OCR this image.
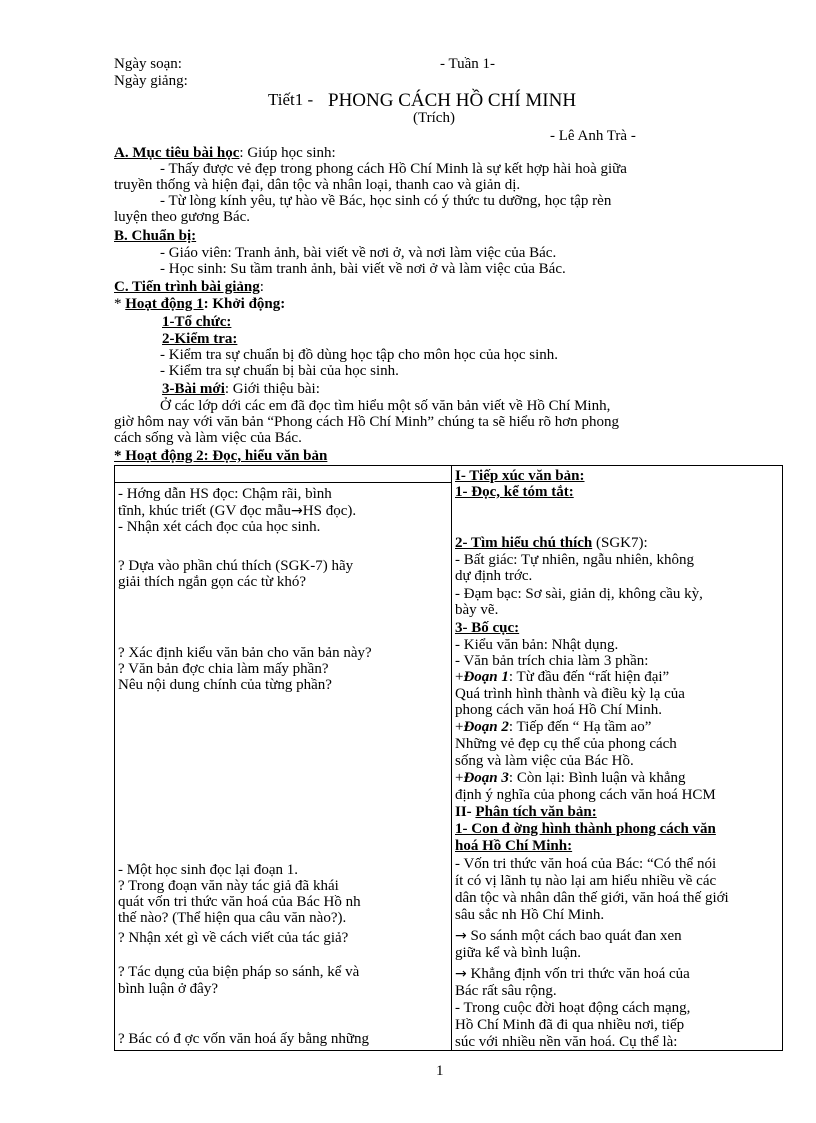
Ngày soạn:	- Tuần 1-
Ngày giảng:
Tiết1 - PHONG CÁCH HỒ CHÍ MINH
(Trích)
- Lê Anh Trà -
A. Mục tiêu bài học: Giúp học sinh:
- Thấy được vẻ đẹp trong phong cách Hồ Chí Minh là sự kết hợp hài hoà giữa
truyền thống và hiện đại, dân tộc và nhân loại, thanh cao và giản dị.
- Từ lòng kính yêu, tự hào về Bác, học sinh có ý thức tu dưỡng, học tập rèn
luyện theo gương Bác.
B. Chuẩn bị:
- Giáo viên: Tranh ảnh, bài viết về nơi ở, và nơi làm việc của Bác.
- Học sinh: Su tầm tranh ảnh, bài viết về nơi ở và làm việc của Bác.
C. Tiến trình bài giảng:
* Hoạt động 1: Khởi động:
1-Tổ chức:
2-Kiểm tra:
- Kiểm tra sự chuẩn bị đồ dùng học tập cho môn học của học sinh.
- Kiểm tra sự chuẩn bị bài của học sinh.
3-Bài mới: Giới thiệu bài:
Ở các lớp dới các em đã đọc tìm hiểu một số văn bản viết về Hồ Chí Minh,
giờ hôm nay với văn bản “Phong cách Hồ Chí Minh” chúng ta sẽ hiểu rõ hơn phong
cách sống và làm việc của Bác.
* Hoạt động 2: Đọc, hiểu văn bản
- Hớng dẫn HS đọc: Chậm rãi, bình
tĩnh, khúc triết (GV đọc mẫu→HS đọc).
- Nhận xét cách đọc của học sinh.
? Dựa vào phần chú thích (SGK-7) hãy
giải thích ngắn gọn các từ khó?
? Xác định kiểu văn bản cho văn bản này?
? Văn bản đợc chia làm mấy phần?
Nêu nội dung chính của từng phần?
- Một học sinh đọc lại đoạn 1.
? Trong đoạn văn này tác giả đã khái
quát vốn tri thức văn hoá của Bác Hồ nh
thế nào? (Thể hiện qua câu văn nào?).
? Nhận xét gì về cách viết của tác giả?
? Tác dụng của biện pháp so sánh, kể và
bình luận ở đây?
? Bác có đ ợc vốn văn hoá ấy bằng những
I- Tiếp xúc văn bản:
1- Đọc, kể tóm tắt:
2- Tìm hiểu chú thích (SGK7):
- Bất giác: Tự nhiên, ngẫu nhiên, không
dự định trớc.
- Đạm bạc: Sơ sài, giản dị, không cầu kỳ,
bày vẽ.
3- Bố cục:
- Kiểu văn bản: Nhật dụng.
- Văn bản trích chia làm 3 phần:
+Đoạn 1: Từ đầu đến “rất hiện đại”
Quá trình hình thành và điều kỳ lạ của
phong cách văn hoá Hồ Chí Minh.
+Đoạn 2: Tiếp đến “ Hạ tầm ao”
Những vẻ đẹp cụ thể của phong cách
sống và làm việc của Bác Hồ.
+Đoạn 3: Còn lại: Bình luận và khẳng
định ý nghĩa của phong cách văn hoá HCM
II- Phân tích văn bản:
1- Con đ ờng hình thành phong cách văn
hoá Hồ Chí Minh:
- Vốn tri thức văn hoá của Bác: “Có thể nói
ít có vị lãnh tụ nào lại am hiểu nhiều về các
dân tộc và nhân dân thế giới, văn hoá thế giới
sâu sắc nh Hồ Chí Minh.
→ So sánh một cách bao quát đan xen
giữa kể và bình luận.
→ Khẳng định vốn tri thức văn hoá của
Bác rất sâu rộng.
- Trong cuộc đời hoạt động cách mạng,
Hồ Chí Minh đã đi qua nhiều nơi, tiếp
súc với nhiều nền văn hoá. Cụ thể là:
1
